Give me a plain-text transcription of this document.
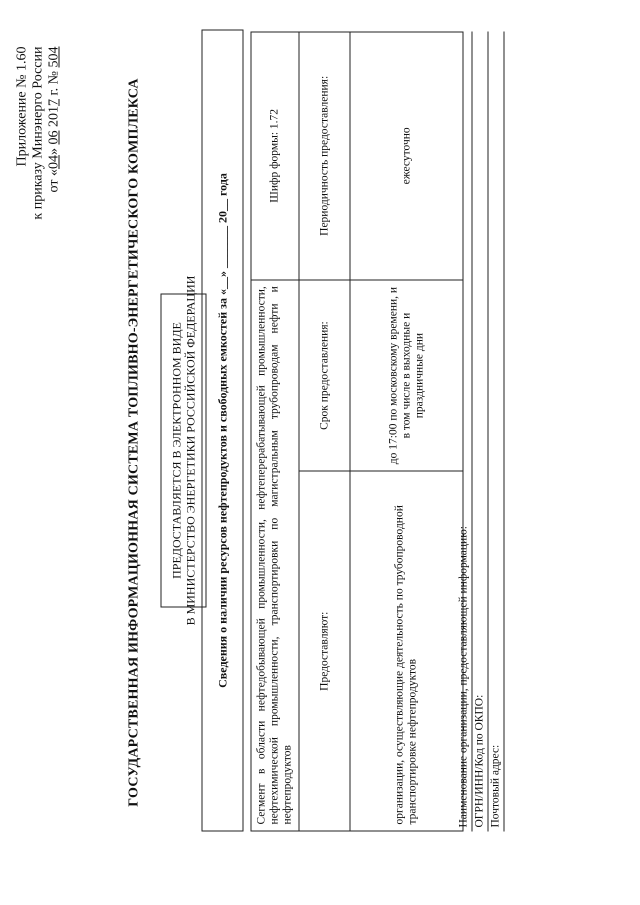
Приложение № 1.60 к приказу Минэнерго России от «04» 06 2017 г. № 504
ГОСУДАРСТВЕННАЯ ИНФОРМАЦИОННАЯ СИСТЕМА ТОПЛИВНО-ЭНЕРГЕТИЧЕСКОГО КОМПЛЕКСА ПРЕДОСТАВЛЯЕТСЯ В ЭЛЕКТРОННОМ ВИДЕ В МИНИСТЕРСТВО ЭНЕРГЕТИКИ РОССИЙСКОЙ ФЕДЕРАЦИИ	Сведения о наличии ресурсов нефтепродуктов и свободных емкостей за «__» _______ 20__ года	Сегмент в области нефтедобывающей промышленности, нефтеперерабатывающей промышленности, нефтехимической промышленности, транспортировки по магистральным трубопроводам нефти и нефтепродуктов		Шифр формы: 1.72
Предоставляют:	Срок предоставления:	Периодичность предоставления:
организации, осуществляющие деятельность по трубопроводной транспортировке нефтепродуктов	до 17:00 по московскому времени, и в том числе в выходные и праздничные дни	ежесуточно
Наименование организации, предоставляющей информацию: ОГРН/ИНН/Код по ОКПО: Почтовый адрес:
